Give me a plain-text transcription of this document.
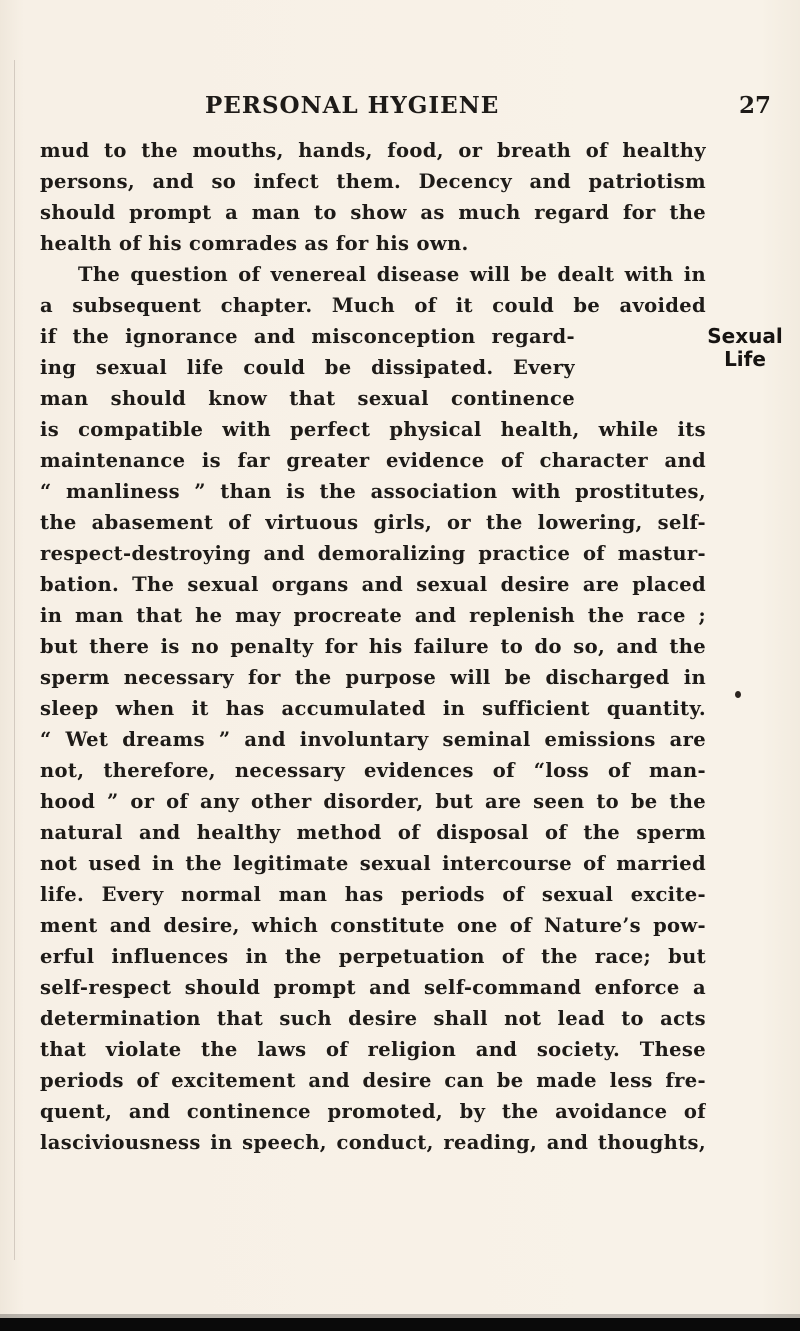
PERSONAL HYGIENE	27
mud to the mouths, hands, food, or breath of healthy
persons, and so infect them. Decency and patriotism
should prompt a man to show as much regard for the
health of his comrades as for his own.
The question of venereal disease will be dealt with in
a subsequent chapter. Much of it could be avoided
if the ignorance and misconception regard-
ing sexual life could be dissipated. Every
man should know that sexual continence
is compatible with perfect physical health, while its
maintenance is far greater evidence of character and
“ manliness ” than is the association with prostitutes,
the abasement of virtuous girls, or the lowering, self-
respect-destroying and demoralizing practice of mastur-
bation. The sexual organs and sexual desire are placed
in man that he may procreate and replenish the race ;
but there is no penalty for his failure to do so, and the
sperm necessary for the purpose will be discharged in
sleep when it has accumulated in sufficient quantity.
“ Wet dreams ” and involuntary seminal emissions are
not, therefore, necessary evidences of “loss of man-
hood ” or of any other disorder, but are seen to be the
natural and healthy method of disposal of the sperm
not used in the legitimate sexual intercourse of married
life. Every normal man has periods of sexual excite-
ment and desire, which constitute one of Nature’s pow-
erful influences in the perpetuation of the race; but
self-respect should prompt and self-command enforce a
determination that such desire shall not lead to acts
that violate the laws of religion and society. These
periods of excitement and desire can be made less fre-
quent, and continence promoted, by the avoidance of
lasciviousness in speech, conduct, reading, and thoughts,
Sexual
Life
